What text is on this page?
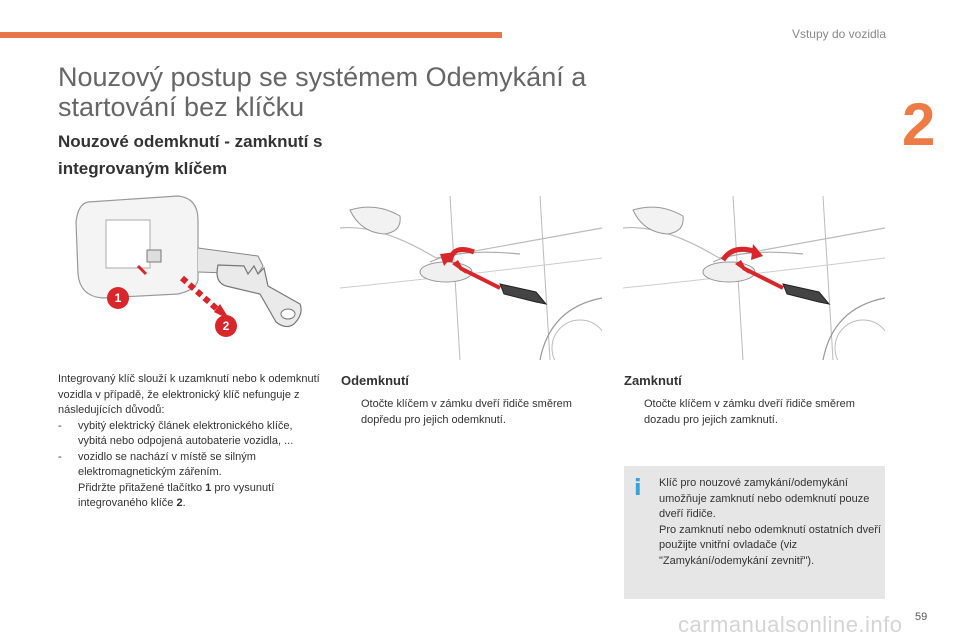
Vstupy do vozidla
2
Nouzový postup se systémem Odemykání a startování bez klíčku
Nouzové odemknutí - zamknutí s integrovaným klíčem
1
2
Integrovaný klíč slouží k uzamknutí nebo k odemknutí vozidla v případě, že elektronický klíč nefunguje z následujících důvodů:
-	vybitý elektrický článek elektronického klíče, vybitá nebo odpojená autobaterie vozidla, ...
-	vozidlo se nachází v místě se silným elektromagnetickým zářením.
Přidržte přitažené tlačítko 1 pro vysunutí integrovaného klíče 2.
Odemknutí
Otočte klíčem v zámku dveří řidiče směrem dopředu pro jejich odemknutí.
Zamknutí
Otočte klíčem v zámku dveří řidiče směrem dozadu pro jejich zamknutí.
i	Klíč pro nouzové zamykání/odemykání umožňuje zamknutí nebo odemknutí pouze dveří řidiče.
Pro zamknutí nebo odemknutí ostatních dveří použijte vnitřní ovladače (viz "Zamykání/odemykání zevnitř").
carmanualsonline.info 59
